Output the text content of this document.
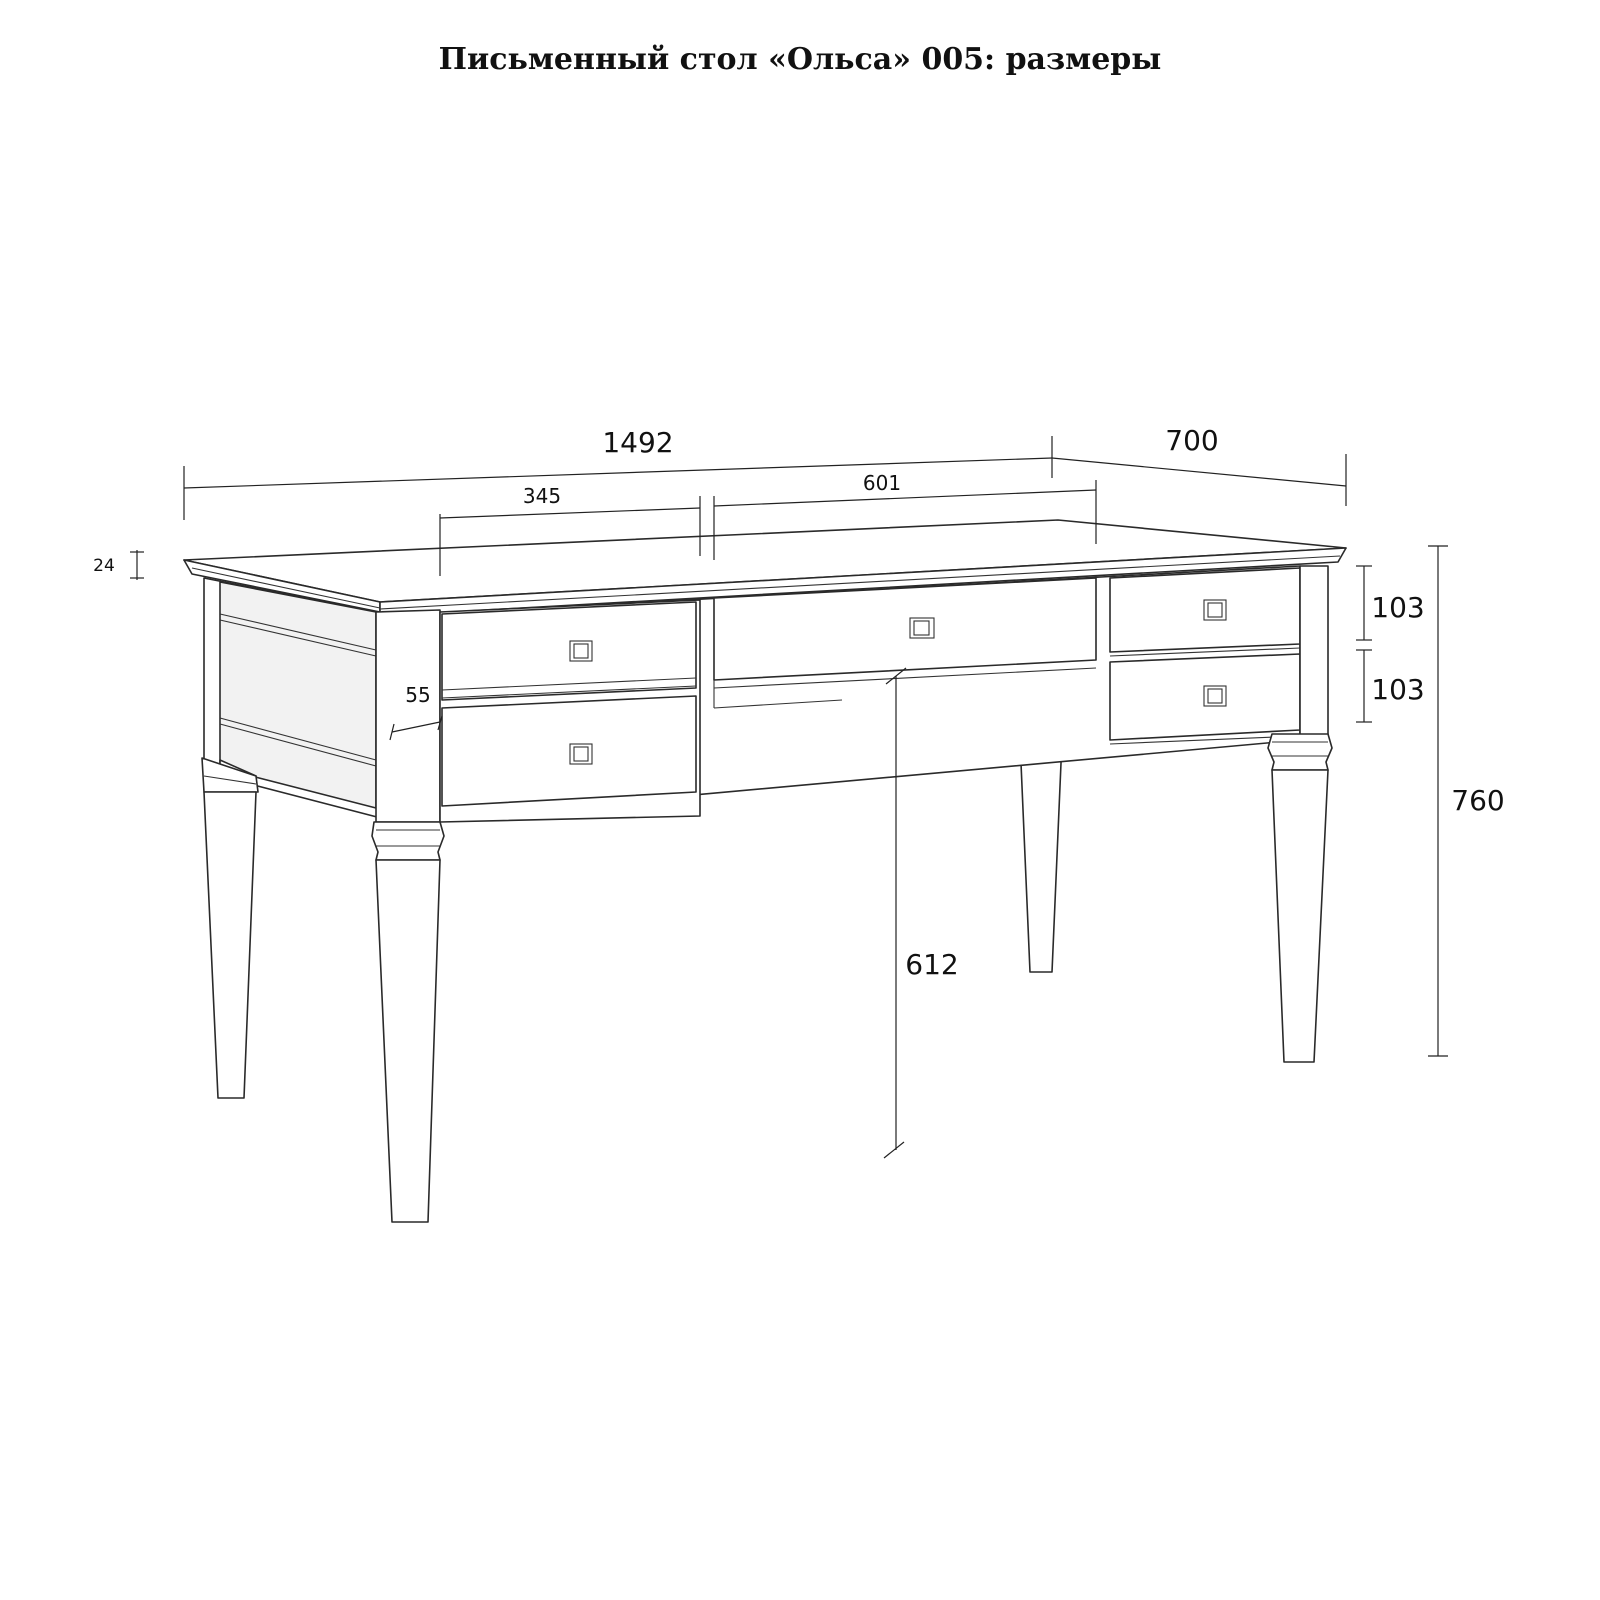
Письменный стол «Ольса» 005: размеры
1492	700
345
601
24
55
103
103
760
612
